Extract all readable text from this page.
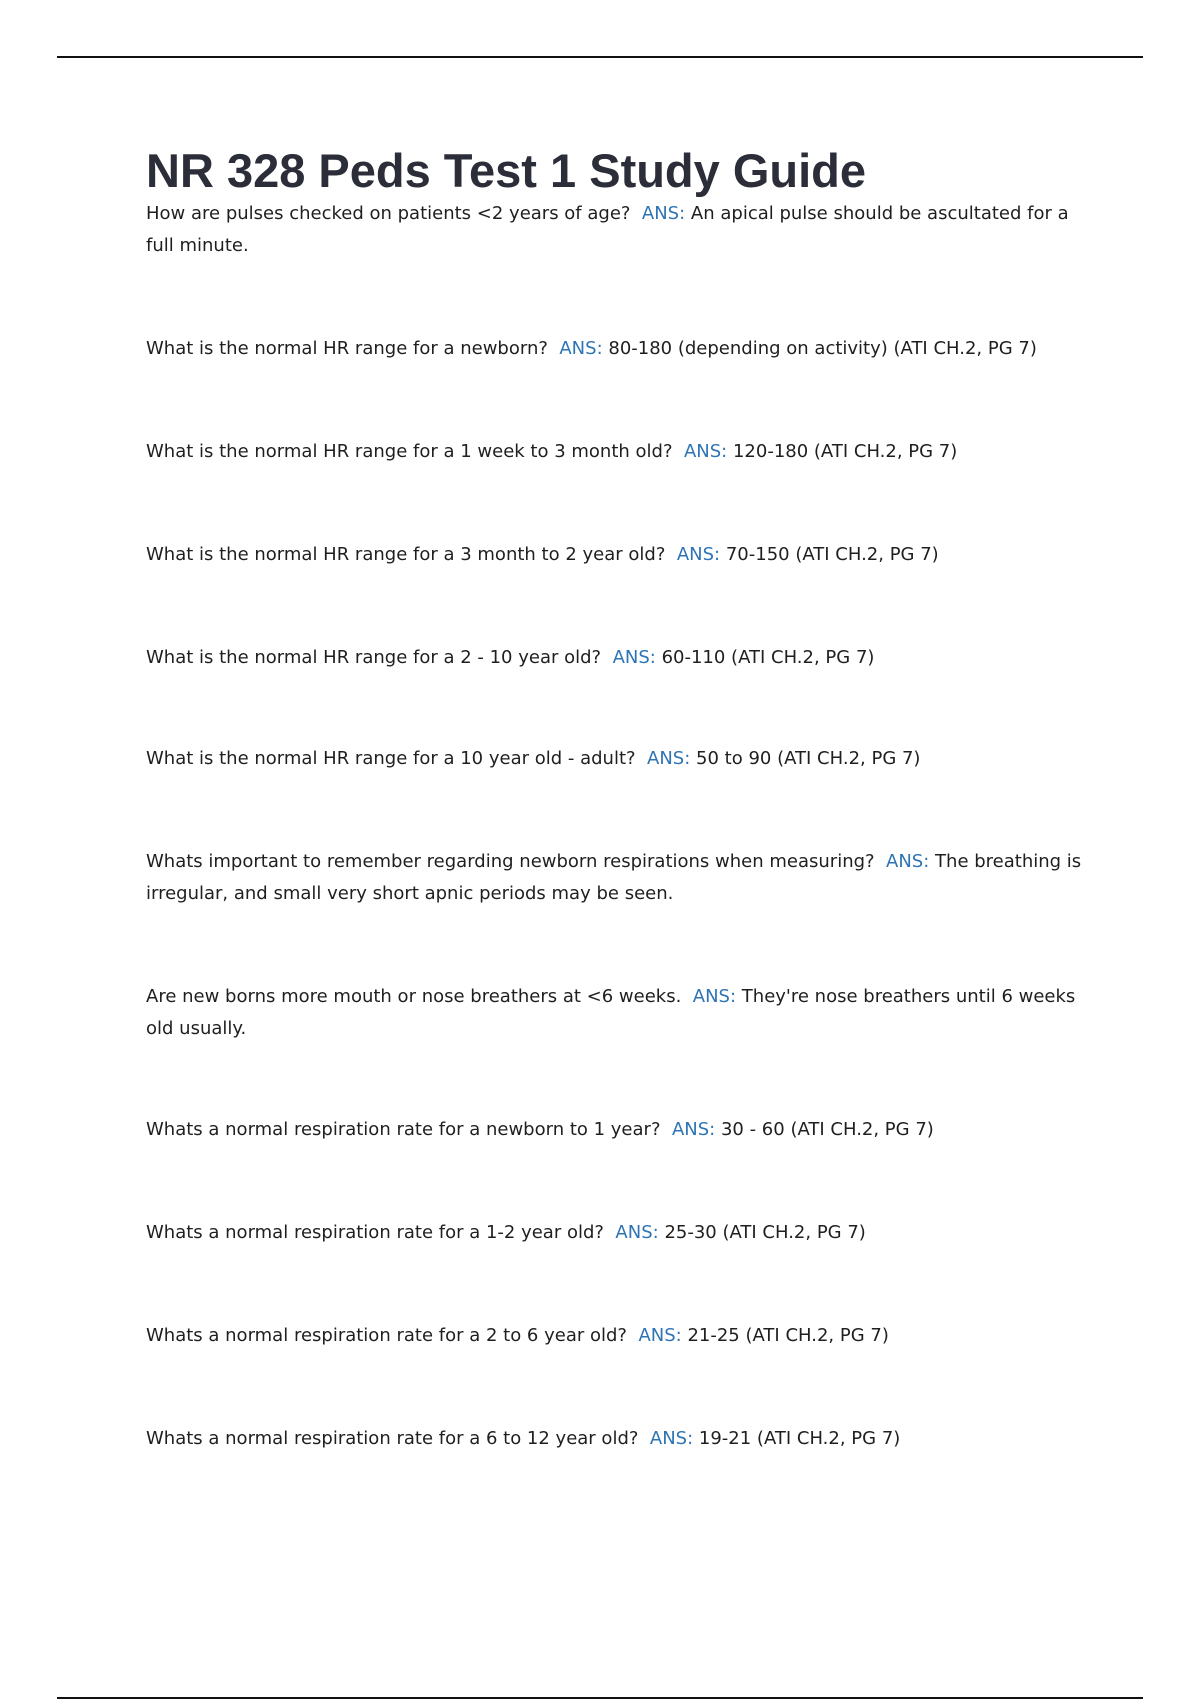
NR 328 Peds Test 1 Study Guide

How are pulses checked on patients <2 years of age? ANS: An apical pulse should be ascultated for a full minute.

What is the normal HR range for a newborn? ANS: 80-180 (depending on activity) (ATI CH.2, PG 7)

What is the normal HR range for a 1 week to 3 month old? ANS: 120-180 (ATI CH.2, PG 7)

What is the normal HR range for a 3 month to 2 year old? ANS: 70-150 (ATI CH.2, PG 7)

What is the normal HR range for a 2 - 10 year old? ANS: 60-110 (ATI CH.2, PG 7)

What is the normal HR range for a 10 year old - adult? ANS: 50 to 90 (ATI CH.2, PG 7)

Whats important to remember regarding newborn respirations when measuring? ANS: The breathing is irregular, and small very short apnic periods may be seen.

Are new borns more mouth or nose breathers at <6 weeks. ANS: They're nose breathers until 6 weeks old usually.

Whats a normal respiration rate for a newborn to 1 year? ANS: 30 - 60 (ATI CH.2, PG 7)

Whats a normal respiration rate for a 1-2 year old? ANS: 25-30 (ATI CH.2, PG 7)

Whats a normal respiration rate for a 2 to 6 year old? ANS: 21-25 (ATI CH.2, PG 7)

Whats a normal respiration rate for a 6 to 12 year old? ANS: 19-21 (ATI CH.2, PG 7)
